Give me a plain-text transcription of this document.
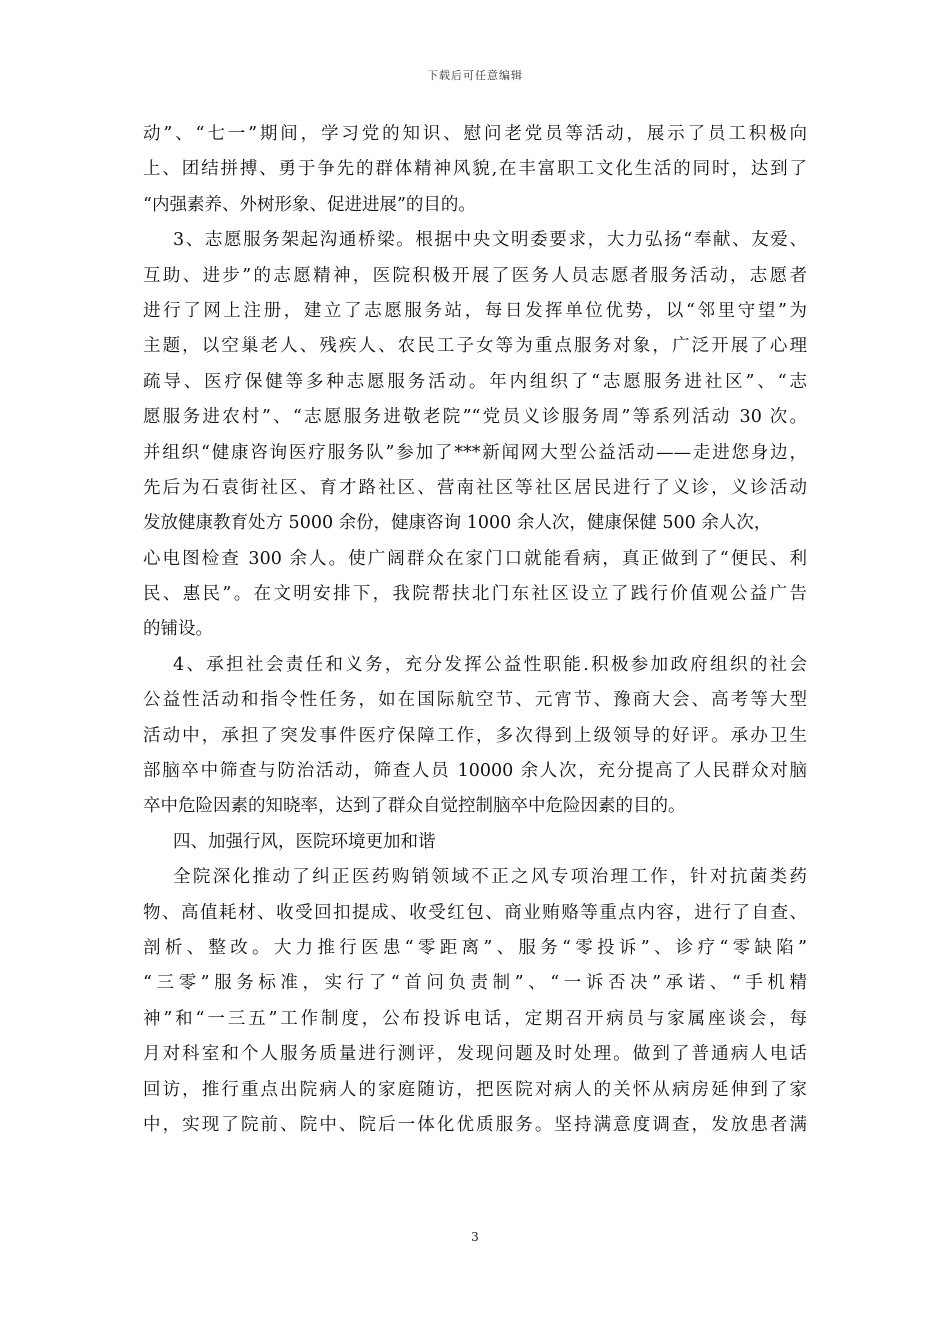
下载后可任意编辑
动”、“七一”期间，学习党的知识、慰问老党员等活动，展示了员工积极向
上、团结拼搏、勇于争先的群体精神风貌,在丰富职工文化生活的同时，达到了
“内强素养、外树形象、促进进展”的目的。
3、志愿服务架起沟通桥梁。根据中央文明委要求，大力弘扬“奉献、友爱、
互助、进步”的志愿精神，医院积极开展了医务人员志愿者服务活动，志愿者
进行了网上注册，建立了志愿服务站，每日发挥单位优势，以“邻里守望”为
主题，以空巢老人、残疾人、农民工子女等为重点服务对象，广泛开展了心理
疏导、医疗保健等多种志愿服务活动。年内组织了“志愿服务进社区”、“志
愿服务进农村”、“志愿服务进敬老院”“党员义诊服务周”等系列活动 30 次。
并组织“健康咨询医疗服务队”参加了***新闻网大型公益活动——走进您身边，
先后为石袁街社区、育才路社区、营南社区等社区居民进行了义诊，义诊活动
发放健康教育处方 5000 余份，健康咨询 1000 余人次，健康保健 500 余人次，
心电图检查 300 余人。使广阔群众在家门口就能看病，真正做到了“便民、利
民、惠民”。在文明安排下，我院帮扶北门东社区设立了践行价值观公益广告
的铺设。
4、承担社会责任和义务，充分发挥公益性职能.积极参加政府组织的社会
公益性活动和指令性任务，如在国际航空节、元宵节、豫商大会、高考等大型
活动中，承担了突发事件医疗保障工作，多次得到上级领导的好评。承办卫生
部脑卒中筛查与防治活动，筛查人员 10000 余人次，充分提高了人民群众对脑
卒中危险因素的知晓率，达到了群众自觉控制脑卒中危险因素的目的。
四、加强行风，医院环境更加和谐
全院深化推动了纠正医药购销领域不正之风专项治理工作，针对抗菌类药
物、高值耗材、收受回扣提成、收受红包、商业贿赂等重点内容，进行了自查、
剖析、整改。大力推行医患“零距离”、服务“零投诉”、诊疗“零缺陷”
“三零”服务标准，实行了“首问负责制”、“一诉否决”承诺、“手机精
神”和“一三五”工作制度，公布投诉电话，定期召开病员与家属座谈会，每
月对科室和个人服务质量进行测评，发现问题及时处理。做到了普通病人电话
回访，推行重点出院病人的家庭随访，把医院对病人的关怀从病房延伸到了家
中，实现了院前、院中、院后一体化优质服务。坚持满意度调查，发放患者满
3
